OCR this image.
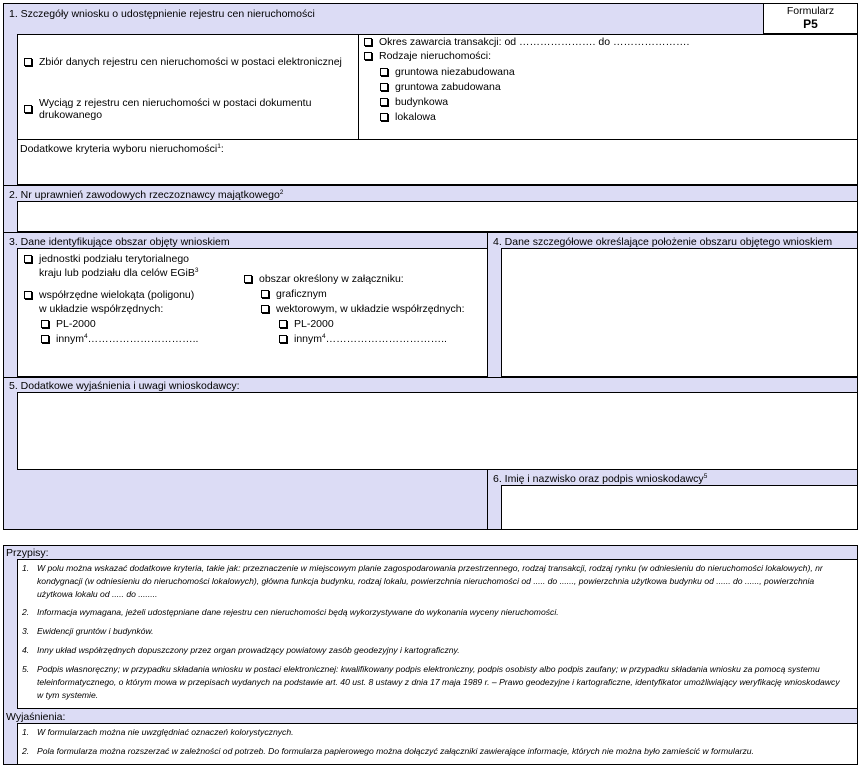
1. Szczegóły wniosku o udostępnienie rejestru cen nieruchomości	Formularz
P5
Zbiór danych rejestru cen nieruchomości w postaci elektronicznej
Wyciąg z rejestru cen nieruchomości w postaci dokumentu
drukowanego
Okres zawarcia transakcji: od …………………. do ………………….
Rodzaje nieruchomości:
gruntowa niezabudowana
gruntowa zabudowana
budynkowa
lokalowa
Dodatkowe kryteria wyboru nieruchomości$^1$:
2. Nr uprawnień zawodowych rzeczoznawcy majątkowego$^2$
3. Dane identyfikujące obszar objęty wnioskiem	4. Dane szczegółowe określające położenie obszaru objętego wnioskiem
jednostki podziału terytorialnego
kraju lub podziału dla celów EGiB$^3$
współrzędne wielokąta (poligonu)
w układzie współrzędnych:
PL-2000
innym$^4$…………………………..
obszar określony w załączniku:
graficznym
wektorowym, w układzie współrzędnych:
PL-2000
innym$^4$……………………………..
5. Dodatkowe wyjaśnienia i uwagi wnioskodawcy:
6. Imię i nazwisko oraz podpis wnioskodawcy$^5$
Przypisy:
1. W polu można wskazać dodatkowe kryteria, takie jak: przeznaczenie w miejscowym planie zagospodarowania przestrzennego, rodzaj transakcji, rodzaj rynku (w odniesieniu do nieruchomości lokalowych), nr
kondygnacji (w odniesieniu do nieruchomości lokalowych), główna funkcja budynku, rodzaj lokalu, powierzchnia nieruchomości od ..... do ......, powierzchnia użytkowa budynku od ...... do ......, powierzchnia
użytkowa lokalu od ..... do ........
2. Informacja wymagana, jeżeli udostępniane dane rejestru cen nieruchomości będą wykorzystywane do wykonania wyceny nieruchomości.
3. Ewidencji gruntów i budynków.
4. Inny układ współrzędnych dopuszczony przez organ prowadzący powiatowy zasób geodezyjny i kartograficzny.
5. Podpis własnoręczny; w przypadku składania wniosku w postaci elektronicznej: kwalifikowany podpis elektroniczny, podpis osobisty albo podpis zaufany; w przypadku składania wniosku za pomocą systemu
teleinformatycznego, o którym mowa w przepisach wydanych na podstawie art. 40 ust. 8 ustawy z dnia 17 maja 1989 r. – Prawo geodezyjne i kartograficzne, identyfikator umożliwiający weryfikację wnioskodawcy
w tym systemie.
Wyjaśnienia:
1. W formularzach można nie uwzględniać oznaczeń kolorystycznych.
2. Pola formularza można rozszerzać w zależności od potrzeb. Do formularza papierowego można dołączyć załączniki zawierające informacje, których nie można było zamieścić w formularzu.
